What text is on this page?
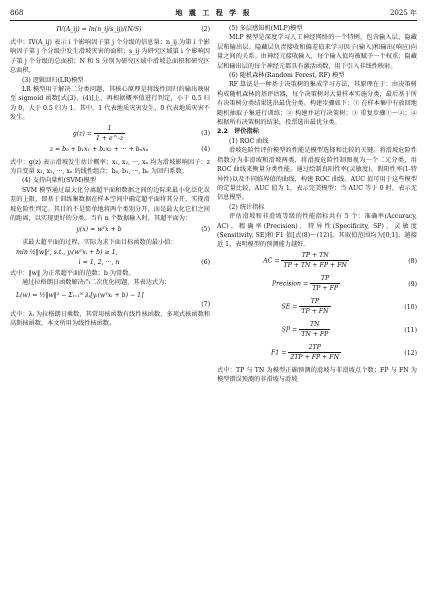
868	地 震 工 程 学 报	2025 年
IV(A_ij) = ln(n_ij/s_ij)/(N/S)	(2)

式中：IV(A_ij) 表示 i 个影响因子第 j 个分级的信息量；n_ij 为第 i 个影响因子第 j 个分级中发生滑坡灾害的面积；s_ij 为研究区域第 i 个影响因子第 j 个分级的总面积；N 和 S 分别为研究区域中滑坡总面积和研究区总面积。

(3) 逻辑回归(LR)模型

LR 模型用于解决二分类问题，其核心原理是将线性回归的输出映射至 sigmoid 函数[式(3)、(4)]上，再根据概率值进行判定，小于 0.5 归为 0，大于 0.5 归为 1。其中，1 代表地质灾害发生，0 代表地质灾害不发生。

$g(z) = \frac{1}{1 + e\^{}-z}$	(3)
z = b₀ + b₁x₁ + b₂x₂ + ··· + bₙxₙ	(4)

式中：g(z) 表示滑坡发生估计概率；x₁, x₂, ···, xₙ 均为滑坡影响因子；z 为自变量 x₁, x₂, ···, xₙ 的线性组合；b₀, b₁, ···, bₙ 为回归系数。

(4) 支持向量机(SVM)模型

SVM 模型通过最大化分离超平面和数据之间的边际来最小化泛化误差的上限，即基于训练集数据在样本空间中确定超平面将其分开，实现滑坡危险性判定。其目的不是简单地将两个类别分开，而是最大化它们之间的距离，以实现更好的分类。当有 n 个数据输入时，其超平面为：

y(x) = wᵀx + b	(5)

求最大超平面的过程，实际为求下面目标函数的最小值：

min ½‖w‖², s.t., yᵢ(wᵀxᵢ + b) ≥ 1,
i = 1, 2, ···, n	(6)

式中：‖w‖ 为正常超平面的范数；b 为常数。

通过拉格朗日函数解决凸二次优化问题，其表达式为：

L(w) = ½‖w‖² − Σᵢ₌₁ᴺ λᵢ[yᵢ(wᵀxᵢ + b) − 1]
(7)

式中：λᵢ 为拉格朗日乘数，其常用核函数有线性核函数、多项式核函数和高斯核函数，本文所用为线性核函数。

(5) 多层感知机(MLP)模型

MLP 模型是深度学习人工神经网络的一个特例，包含输入层、隐藏层和输出层。隐藏层负责接收和偏差值来学习因子(输入)和输出(响应)向量之间的关系。由神经元接收输入，每个输入值均被赋予一个权重；隐藏层和输出层的每个神经元都具有激活函数，用于引入非线性映射。

(6) 随机森林(Random Forest, RF) 模型

RF 算法是一种基于决策树的集成学习方法，其原理在于：由决策树构成随机森林的基评估器，每个决策树对大量样本实施分类，最后基于所有决策树分类结果选出最优分类。构建步骤如下：① 在样本集中有放回地随机抽取子集进行训练；② 构建并运行决策树；③ 重复步骤①～②；④ 根据所有决策树的结果，投票选出最优分类。

2.2　评价指标

(1) ROC 曲线

滑坡危险性评价模型的性能是模型选择和比较的关键。将滑坡危险性指数分为非滑坡和滑坡两类，将滑坡危险性制图视为一个二元分类，用 ROC 曲线来衡量分类性能。通过绘制真阳性率(灵敏度)、假阳性率(1-特异性)以及不同临界值的曲线，构建 ROC 曲线。AUC 值可用于这些模型的定量比较，AUC 值为 1，表示完美模型；当 AUC 等于 0 时，表示无信息模型。

(2) 统计指标

评估滑坡和非滑坡等级的性能指标共有 5 个：准确率(Accuracy, AC)、精确率(Precision)、特异性(Specificity, SP)、灵敏度(Sensitivity, SE)和 F1 值[式(8)～(12)]。其取值范围均为[0,1]，越接近 1，表明模型的预测能力越好。

AC = $\frac{TP + TN}{TP + TN + FP + FN}$	(8)
Precision = $\frac{TP}{TP + FP}$	(9)
SE = $\frac{TP}{TP + FN}$	(10)
SP = $\frac{TN}{TN + FP}$	(11)
$F1 = \frac{2TP}{2TP + FP + FN}$	(12)

式中：TP 与 TN 为模型正确预测的滑坡与非滑坡点个数；FP 与 FN 为模型错误预测的非滑坡与滑坡
